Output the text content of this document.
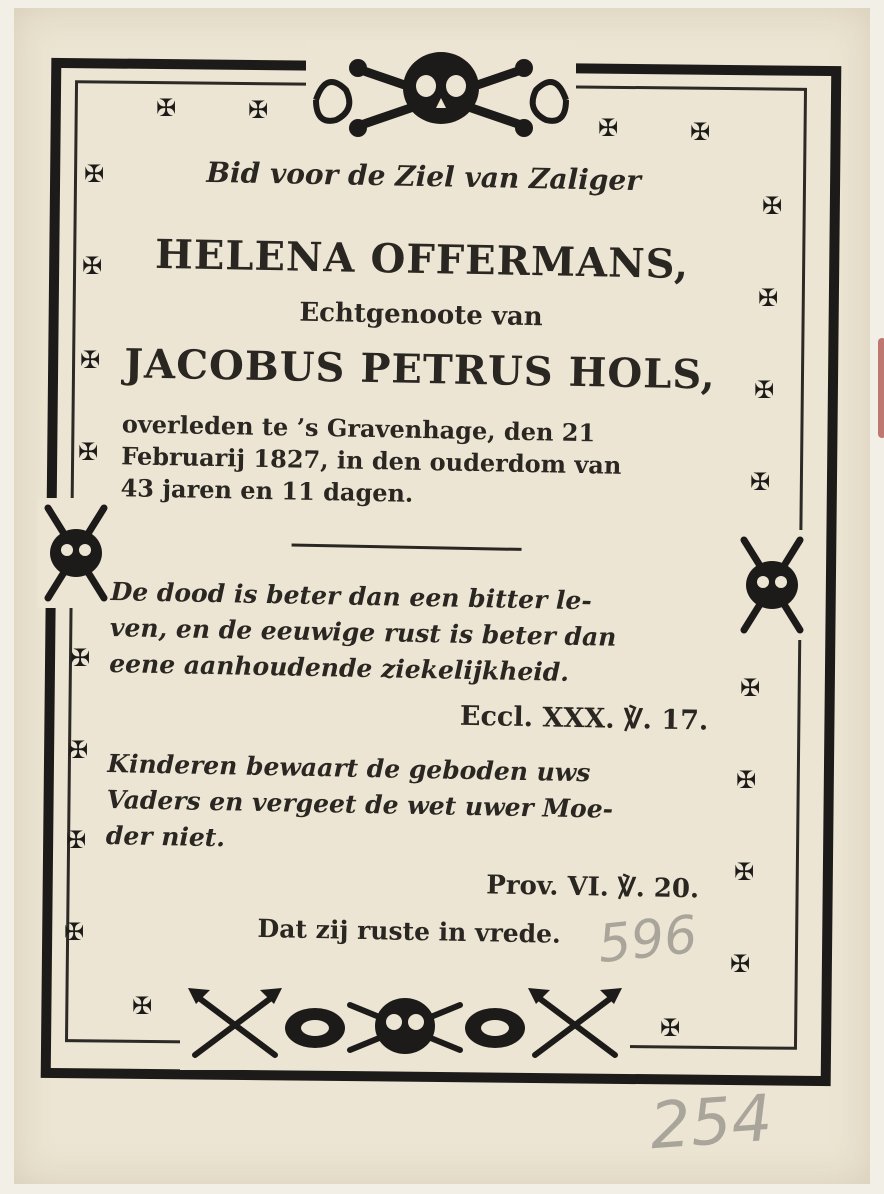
✠	✠
✠	✠
✠
✠
✠
✠
✠
✠
✠
✠
✠
✠
✠
✠
✠
✠
✠
✠
✠
✠
Bid voor de Ziel van Zaliger
HELENA OFFERMANS,
Echtgenoote van
JACOBUS PETRUS HOLS,
overleden te ’s Gravenhage, den 21
Februarij 1827, in den ouderdom van
43 jaren en 11 dagen.
De dood is beter dan een bitter le-
ven, en de eeuwige rust is beter dan
eene aanhoudende ziekelijkheid.
Eccl. XXX. ℣. 17.
Kinderen bewaart de geboden uws
Vaders en vergeet de wet uwer Moe-
der niet.
Prov. VI. ℣. 20.
Dat zij ruste in vrede. 596
254
